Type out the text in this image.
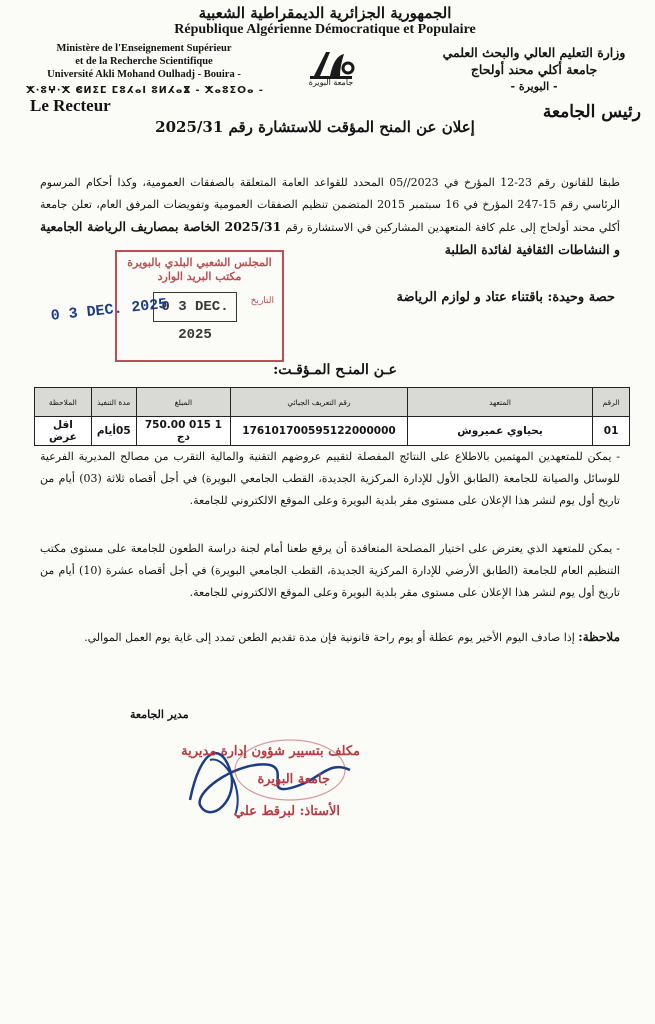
الجمهورية الجزائرية الديمقراطية الشعبية
République Algérienne Démocratique et Populaire
Ministère de l'Enseignement Supérieur
et de la Recherche Scientifique
Université Akli Mohand Oulhadj - Bouira -
ⵅ⋅ⵓⵖ⋅ⵅ ⵞⵍⵉⵎ ⵎⵓⵃⴰⵏ ⵓⵍⵃⴰⴵ - ⵅⴰⵓⵉⵔⴰ -
Le Recteur
وزارة التعليم العالي والبحث العلمي
جامعة أكلي محند أولحاج
- البويرة -
رئيس الجامعة
جامعة البويرة
إعلان عن المنح المؤقت للاستشارة رقم 2025/31
طبقا للقانون رقم 23-12 المؤرخ في 2023//05 المحدد للقواعد العامة المتعلقة بالصفقات العمومية، وكذا أحكام المرسوم الرئاسي رقم 15-247 المؤرخ في 16 سبتمبر 2015 المتضمن تنظيم الصفقات العمومية وتفويضات المرفق العام، تعلن جامعة أكلي محند أولحاج إلى علم كافة المتعهدين المشاركين في الاستشارة رقم 2025/31 الخاصة بمصاريف الرياضة الجامعية و النشاطات الثقافية لفائدة الطلبة
حصة وحيدة: باقتناء عتاد و لوازم الرياضة
المجلس الشعبي البلدي بالبويرة
مكتب البريد الوارد
التاريخ
0 3 DEC. 2025
0 3 DEC. 2025
عـن المنـح المـؤقـت:
الرقم	المتعهد	رقم التعريف الجبائي	المبلغ	مدة التنفيذ	الملاحظة
01	يحياوي عميروش	176101700595122000000	1 015 750.00 دج	05أيام	اقل عرض
- يمكن للمتعهدين المهتمين بالاطلاع على النتائج المفصلة لتقييم عروضهم التقنية والمالية التقرب من مصالح المديرية الفرعية للوسائل والصيانة للجامعة (الطابق الأول للإدارة المركزية الجديدة، القطب الجامعي البويرة) في أجل أقصاه ثلاثة (03) أيام من تاريخ أول يوم لنشر هذا الإعلان على مستوى مقر بلدية البويرة وعلى الموقع الالكتروني للجامعة.
- يمكن للمتعهد الذي يعترض على اختيار المصلحة المتعاقدة أن يرفع طعنا أمام لجنة دراسة الطعون للجامعة على مستوى مكتب التنظيم العام للجامعة (الطابق الأرضي للإدارة المركزية الجديدة، القطب الجامعي البويرة) في أجل أقصاه عشرة (10) أيام من تاريخ أول يوم لنشر هذا الإعلان على مستوى مقر بلدية البويرة وعلى الموقع الالكتروني للجامعة.
ملاحظة: إذا صادف اليوم الأخير يوم عطلة أو يوم راحة قانونية فإن مدة تقديم الطعن تمدد إلى غاية يوم العمل الموالي.
مدير الجامعة
مكلف بتسيير شؤون إدارة مديرية
جامعة البويرة
الأستاذ: لبرقط علي
